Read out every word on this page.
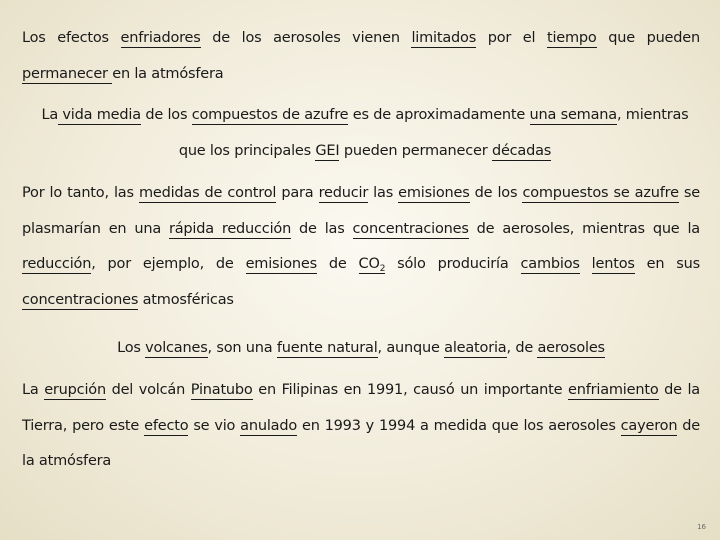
Los efectos enfriadores de los aerosoles vienen limitados por el tiempo que pueden permanecer en la atmósfera

La vida media de los compuestos de azufre es de aproximadamente una semana, mientras que los principales GEI pueden permanecer décadas

Por lo tanto, las medidas de control para reducir las emisiones de los compuestos se azufre se plasmarían en una rápida reducción de las concentraciones de aerosoles, mientras que la reducción, por ejemplo, de emisiones de $CO_2$ sólo produciría cambios lentos en sus concentraciones atmosféricas

Los volcanes, son una fuente natural, aunque aleatoria, de aerosoles

La erupción del volcán Pinatubo en Filipinas en 1991, causó un importante enfriamiento de la Tierra, pero este efecto se vio anulado en 1993 y 1994 a medida que los aerosoles cayeron de la atmósfera

16
